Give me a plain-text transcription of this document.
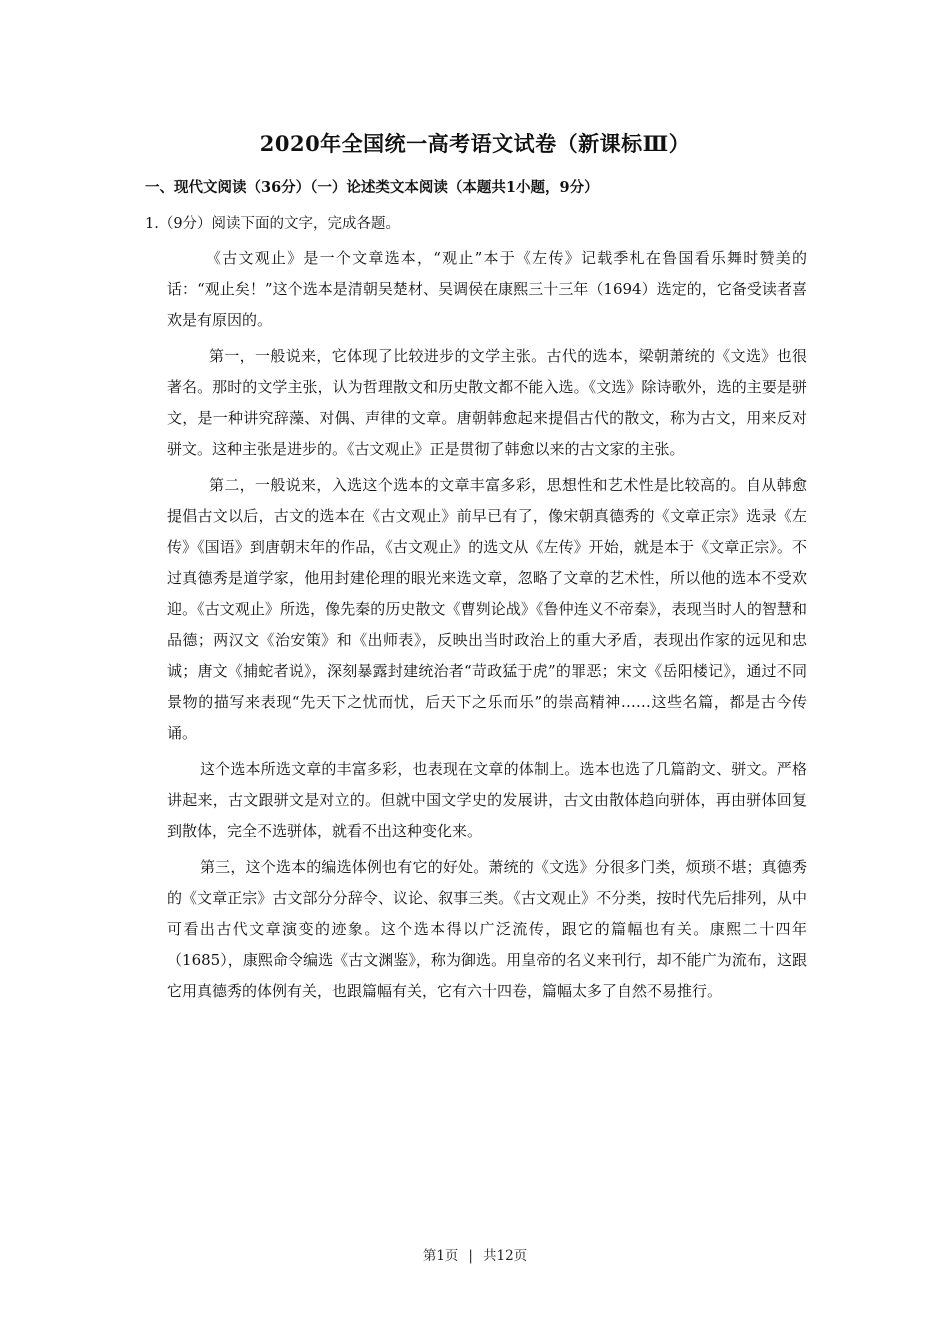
2020年全国统一高考语文试卷（新课标Ⅲ）
一、现代文阅读（36分）（一）论述类文本阅读（本题共1小题，9分）
1.（9分）阅读下面的文字，完成各题。

《古文观止》是一个文章选本，“观止”本于《左传》记载季札在鲁国看乐舞时赞美的话：“观止矣！”这个选本是清朝吴楚材、吴调侯在康熙三十三年（1694）选定的，它备受读者喜欢是有原因的。

第一，一般说来，它体现了比较进步的文学主张。古代的选本，梁朝萧统的《文选》也很著名。那时的文学主张，认为哲理散文和历史散文都不能入选。《文选》除诗歌外，选的主要是骈文，是一种讲究辞藻、对偶、声律的文章。唐朝韩愈起来提倡古代的散文，称为古文，用来反对骈文。这种主张是进步的。《古文观止》正是贯彻了韩愈以来的古文家的主张。

第二，一般说来，入选这个选本的文章丰富多彩，思想性和艺术性是比较高的。自从韩愈提倡古文以后，古文的选本在《古文观止》前早已有了，像宋朝真德秀的《文章正宗》选录《左传》《国语》到唐朝末年的作品，《古文观止》的选文从《左传》开始，就是本于《文章正宗》。不过真德秀是道学家，他用封建伦理的眼光来选文章，忽略了文章的艺术性，所以他的选本不受欢迎。《古文观止》所选，像先秦的历史散文《曹刿论战》《鲁仲连义不帝秦》，表现当时人的智慧和品德；两汉文《治安策》和《出师表》，反映出当时政治上的重大矛盾，表现出作家的远见和忠诚；唐文《捕蛇者说》，深刻暴露封建统治者“苛政猛于虎”的罪恶；宋文《岳阳楼记》，通过不同景物的描写来表现“先天下之忧而忧，后天下之乐而乐”的崇高精神……这些名篇，都是古今传诵。

这个选本所选文章的丰富多彩，也表现在文章的体制上。选本也选了几篇韵文、骈文。严格讲起来，古文跟骈文是对立的。但就中国文学史的发展讲，古文由散体趋向骈体，再由骈体回复到散体，完全不选骈体，就看不出这种变化来。

第三，这个选本的编选体例也有它的好处。萧统的《文选》分很多门类，烦琐不堪；真德秀的《文章正宗》古文部分分辞令、议论、叙事三类。《古文观止》不分类，按时代先后排列，从中可看出古代文章演变的迹象。这个选本得以广泛流传，跟它的篇幅也有关。康熙二十四年（1685），康熙命令编选《古文渊鉴》，称为御选。用皇帝的名义来刊行，却不能广为流布，这跟它用真德秀的体例有关，也跟篇幅有关，它有六十四卷，篇幅太多了自然不易推行。

第1页 | 共12页
